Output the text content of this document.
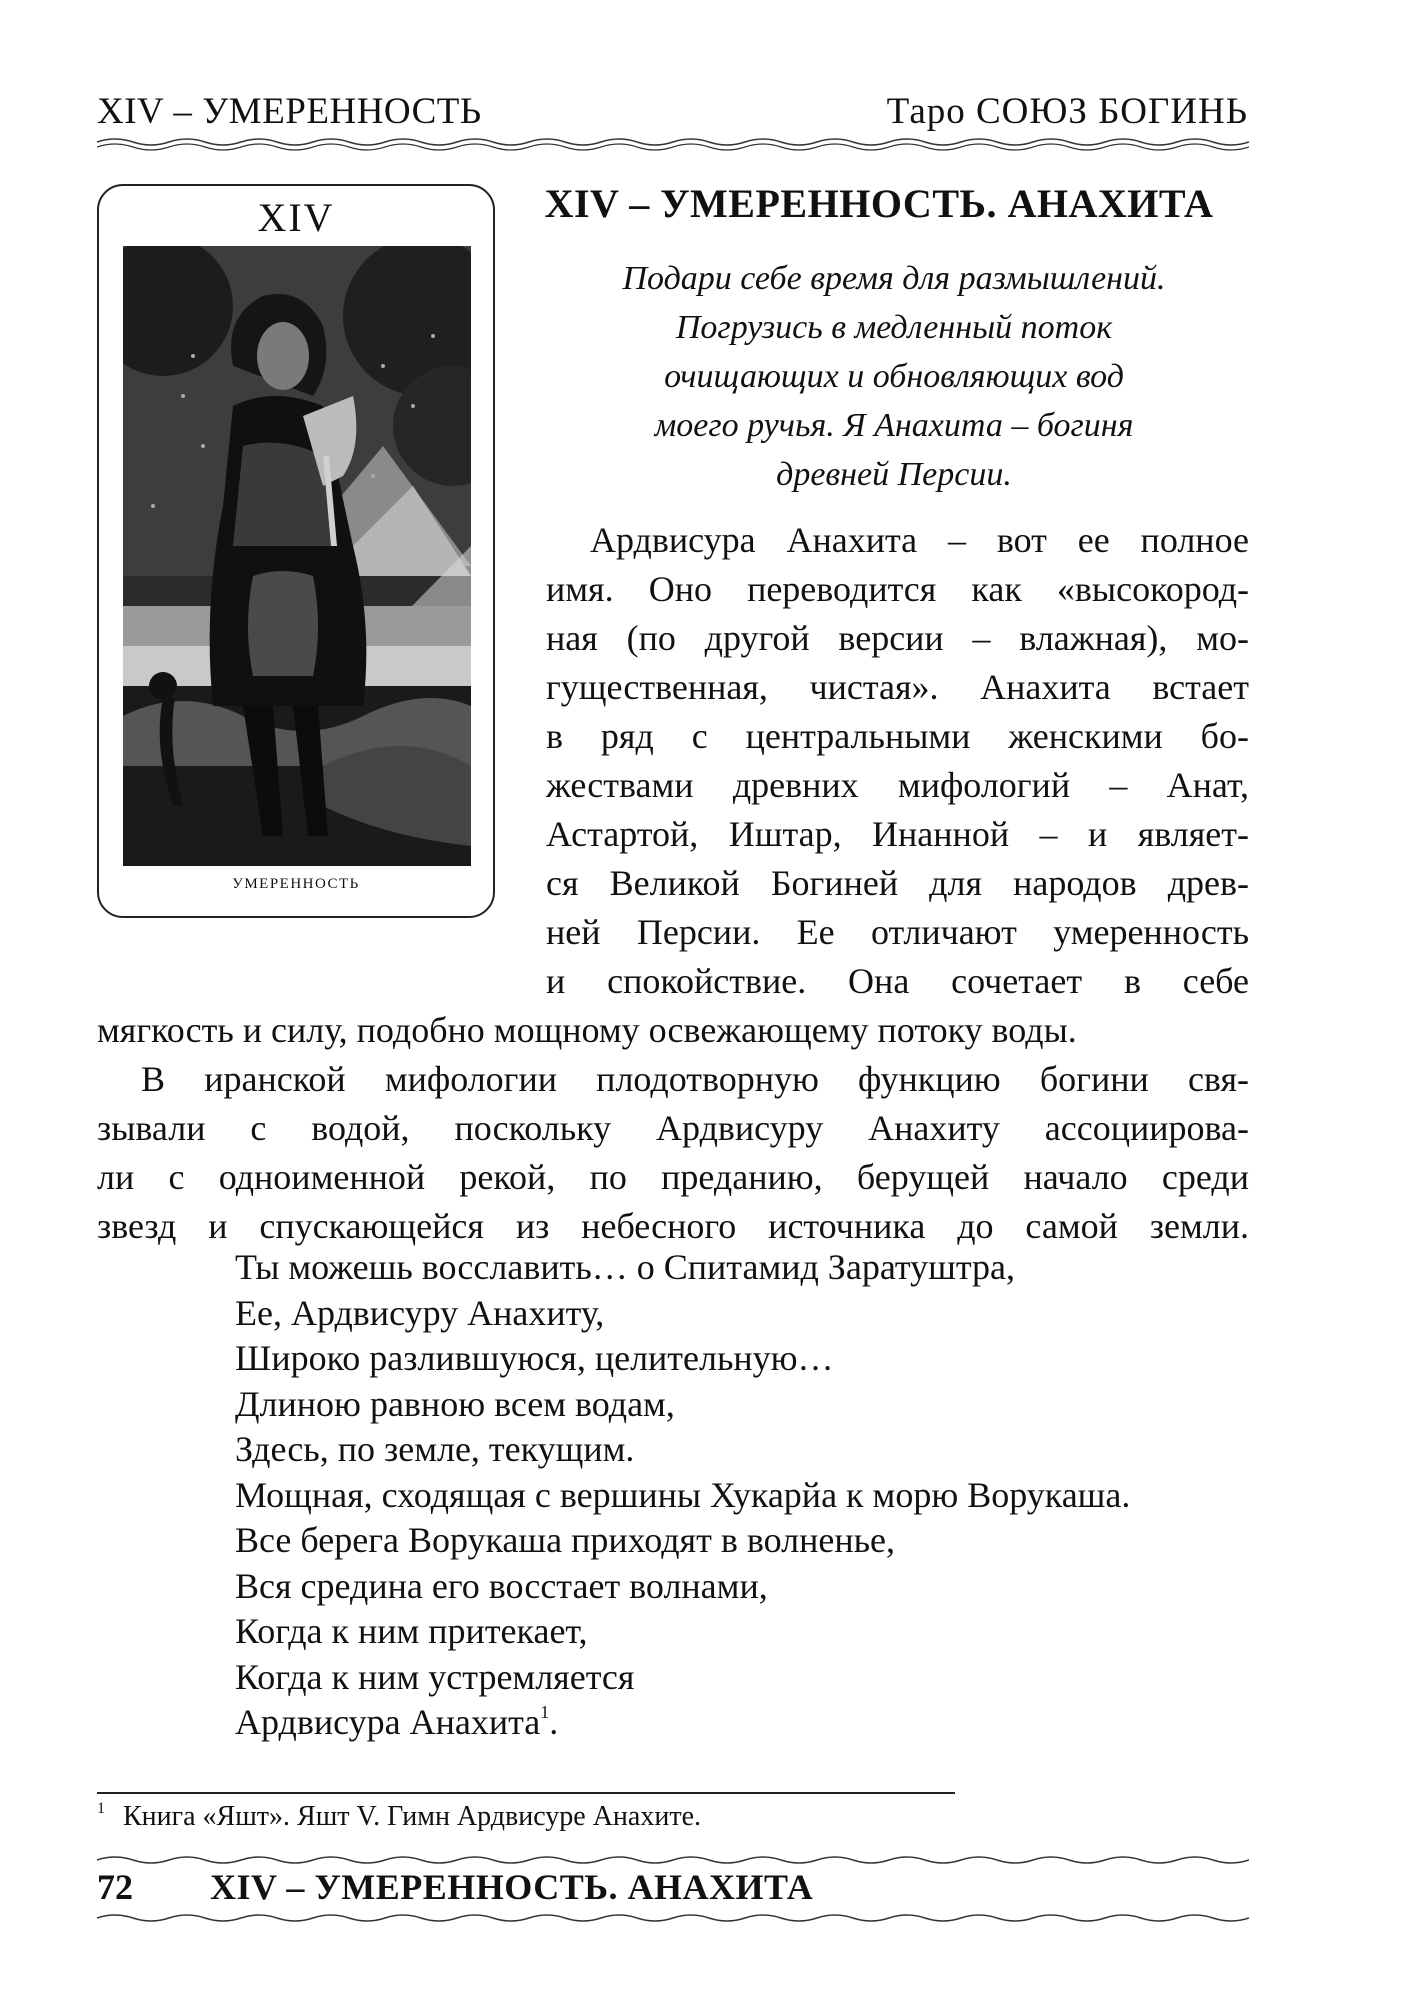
XIV – УМЕРЕННОСТЬ	Таро СОЮЗ БОГИНЬ
XIV
УМЕРЕННОСТЬ
XIV – УМЕРЕННОСТЬ. АНАХИТА
Подари себе время для размышлений.
Погрузись в медленный поток
очищающих и обновляющих вод
моего ручья. Я Анахита – богиня
древней Персии.
Ардвисура Анахита – вот ее полное
имя. Оно переводится как «высокород-
ная (по другой версии – влажная), мо-
гущественная, чистая». Анахита встает
в ряд с центральными женскими бо-
жествами древних мифологий – Анат,
Астартой, Иштар, Инанной – и являет-
ся Великой Богиней для народов древ-
ней Персии. Ее отличают умеренность
и спокойствие. Она сочетает в себе
мягкость и силу, подобно мощному освежающему потоку воды.
В иранской мифологии плодотворную функцию богини свя-
зывали с водой, поскольку Ардвисуру Анахиту ассоциирова-
ли с одноименной рекой, по преданию, берущей начало среди
звезд и спускающейся из небесного источника до самой земли.
Ты можешь восславить… о Спитамид Заратуштра,
Ее, Ардвисуру Анахиту,
Широко разлившуюся, целительную…
Длиною равною всем водам,
Здесь, по земле, текущим.
Мощная, сходящая с вершины Хукарйа к морю Ворукаша.
Все берега Ворукаша приходят в волненье,
Вся средина его восстает волнами,
Когда к ним притекает,
Когда к ним устремляется
Ардвисура Анахита$^1$.
$^1$ Книга «Яшт». Яшт V. Гимн Ардвисуре Анахите.
72 XIV – УМЕРЕННОСТЬ. АНАХИТА
